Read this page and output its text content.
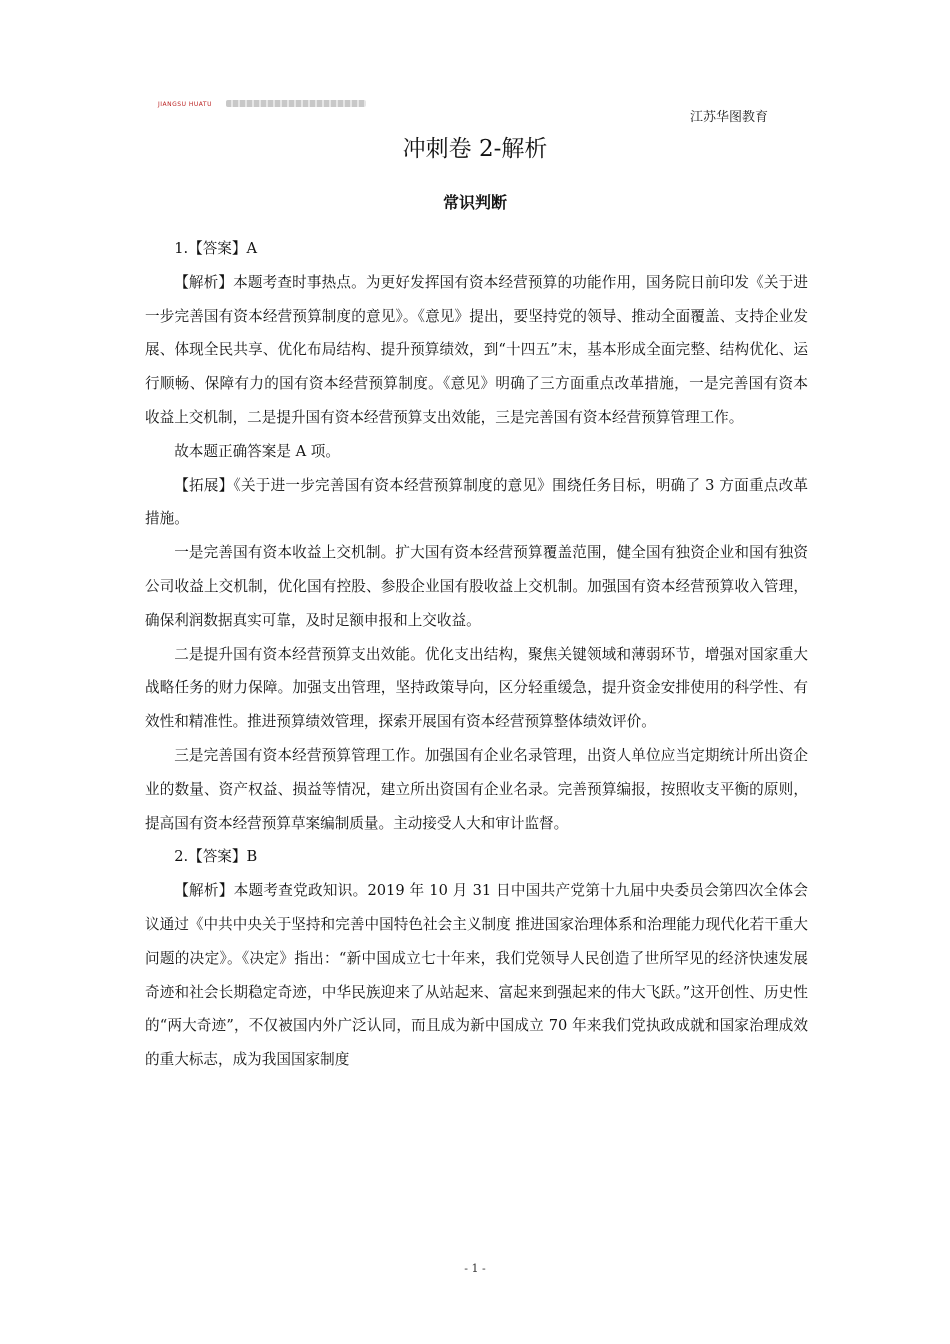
JIANGSU HUATU
江苏华图教育
冲刺卷 2-解析
常识判断

1.【答案】A

【解析】本题考查时事热点。为更好发挥国有资本经营预算的功能作用，国务院日前印发《关于进一步完善国有资本经营预算制度的意见》。《意见》提出，要坚持党的领导、推动全面覆盖、支持企业发展、体现全民共享、优化布局结构、提升预算绩效，到“十四五”末，基本形成全面完整、结构优化、运行顺畅、保障有力的国有资本经营预算制度。《意见》明确了三方面重点改革措施，一是完善国有资本收益上交机制，二是提升国有资本经营预算支出效能，三是完善国有资本经营预算管理工作。

故本题正确答案是 A 项。

【拓展】《关于进一步完善国有资本经营预算制度的意见》围绕任务目标，明确了 3 方面重点改革措施。

一是完善国有资本收益上交机制。扩大国有资本经营预算覆盖范围，健全国有独资企业和国有独资公司收益上交机制，优化国有控股、参股企业国有股收益上交机制。加强国有资本经营预算收入管理，确保利润数据真实可靠，及时足额申报和上交收益。

二是提升国有资本经营预算支出效能。优化支出结构，聚焦关键领域和薄弱环节，增强对国家重大战略任务的财力保障。加强支出管理，坚持政策导向，区分轻重缓急，提升资金安排使用的科学性、有效性和精准性。推进预算绩效管理，探索开展国有资本经营预算整体绩效评价。

三是完善国有资本经营预算管理工作。加强国有企业名录管理，出资人单位应当定期统计所出资企业的数量、资产权益、损益等情况，建立所出资国有企业名录。完善预算编报，按照收支平衡的原则，提高国有资本经营预算草案编制质量。主动接受人大和审计监督。

2.【答案】B

【解析】本题考查党政知识。2019 年 10 月 31 日中国共产党第十九届中央委员会第四次全体会议通过《中共中央关于坚持和完善中国特色社会主义制度 推进国家治理体系和治理能力现代化若干重大问题的决定》。《决定》指出：“新中国成立七十年来，我们党领导人民创造了世所罕见的经济快速发展奇迹和社会长期稳定奇迹，中华民族迎来了从站起来、富起来到强起来的伟大飞跃。”这开创性、历史性的“两大奇迹”，不仅被国内外广泛认同，而且成为新中国成立 70 年来我们党执政成就和国家治理成效的重大标志，成为我国国家制度

- 1 -
